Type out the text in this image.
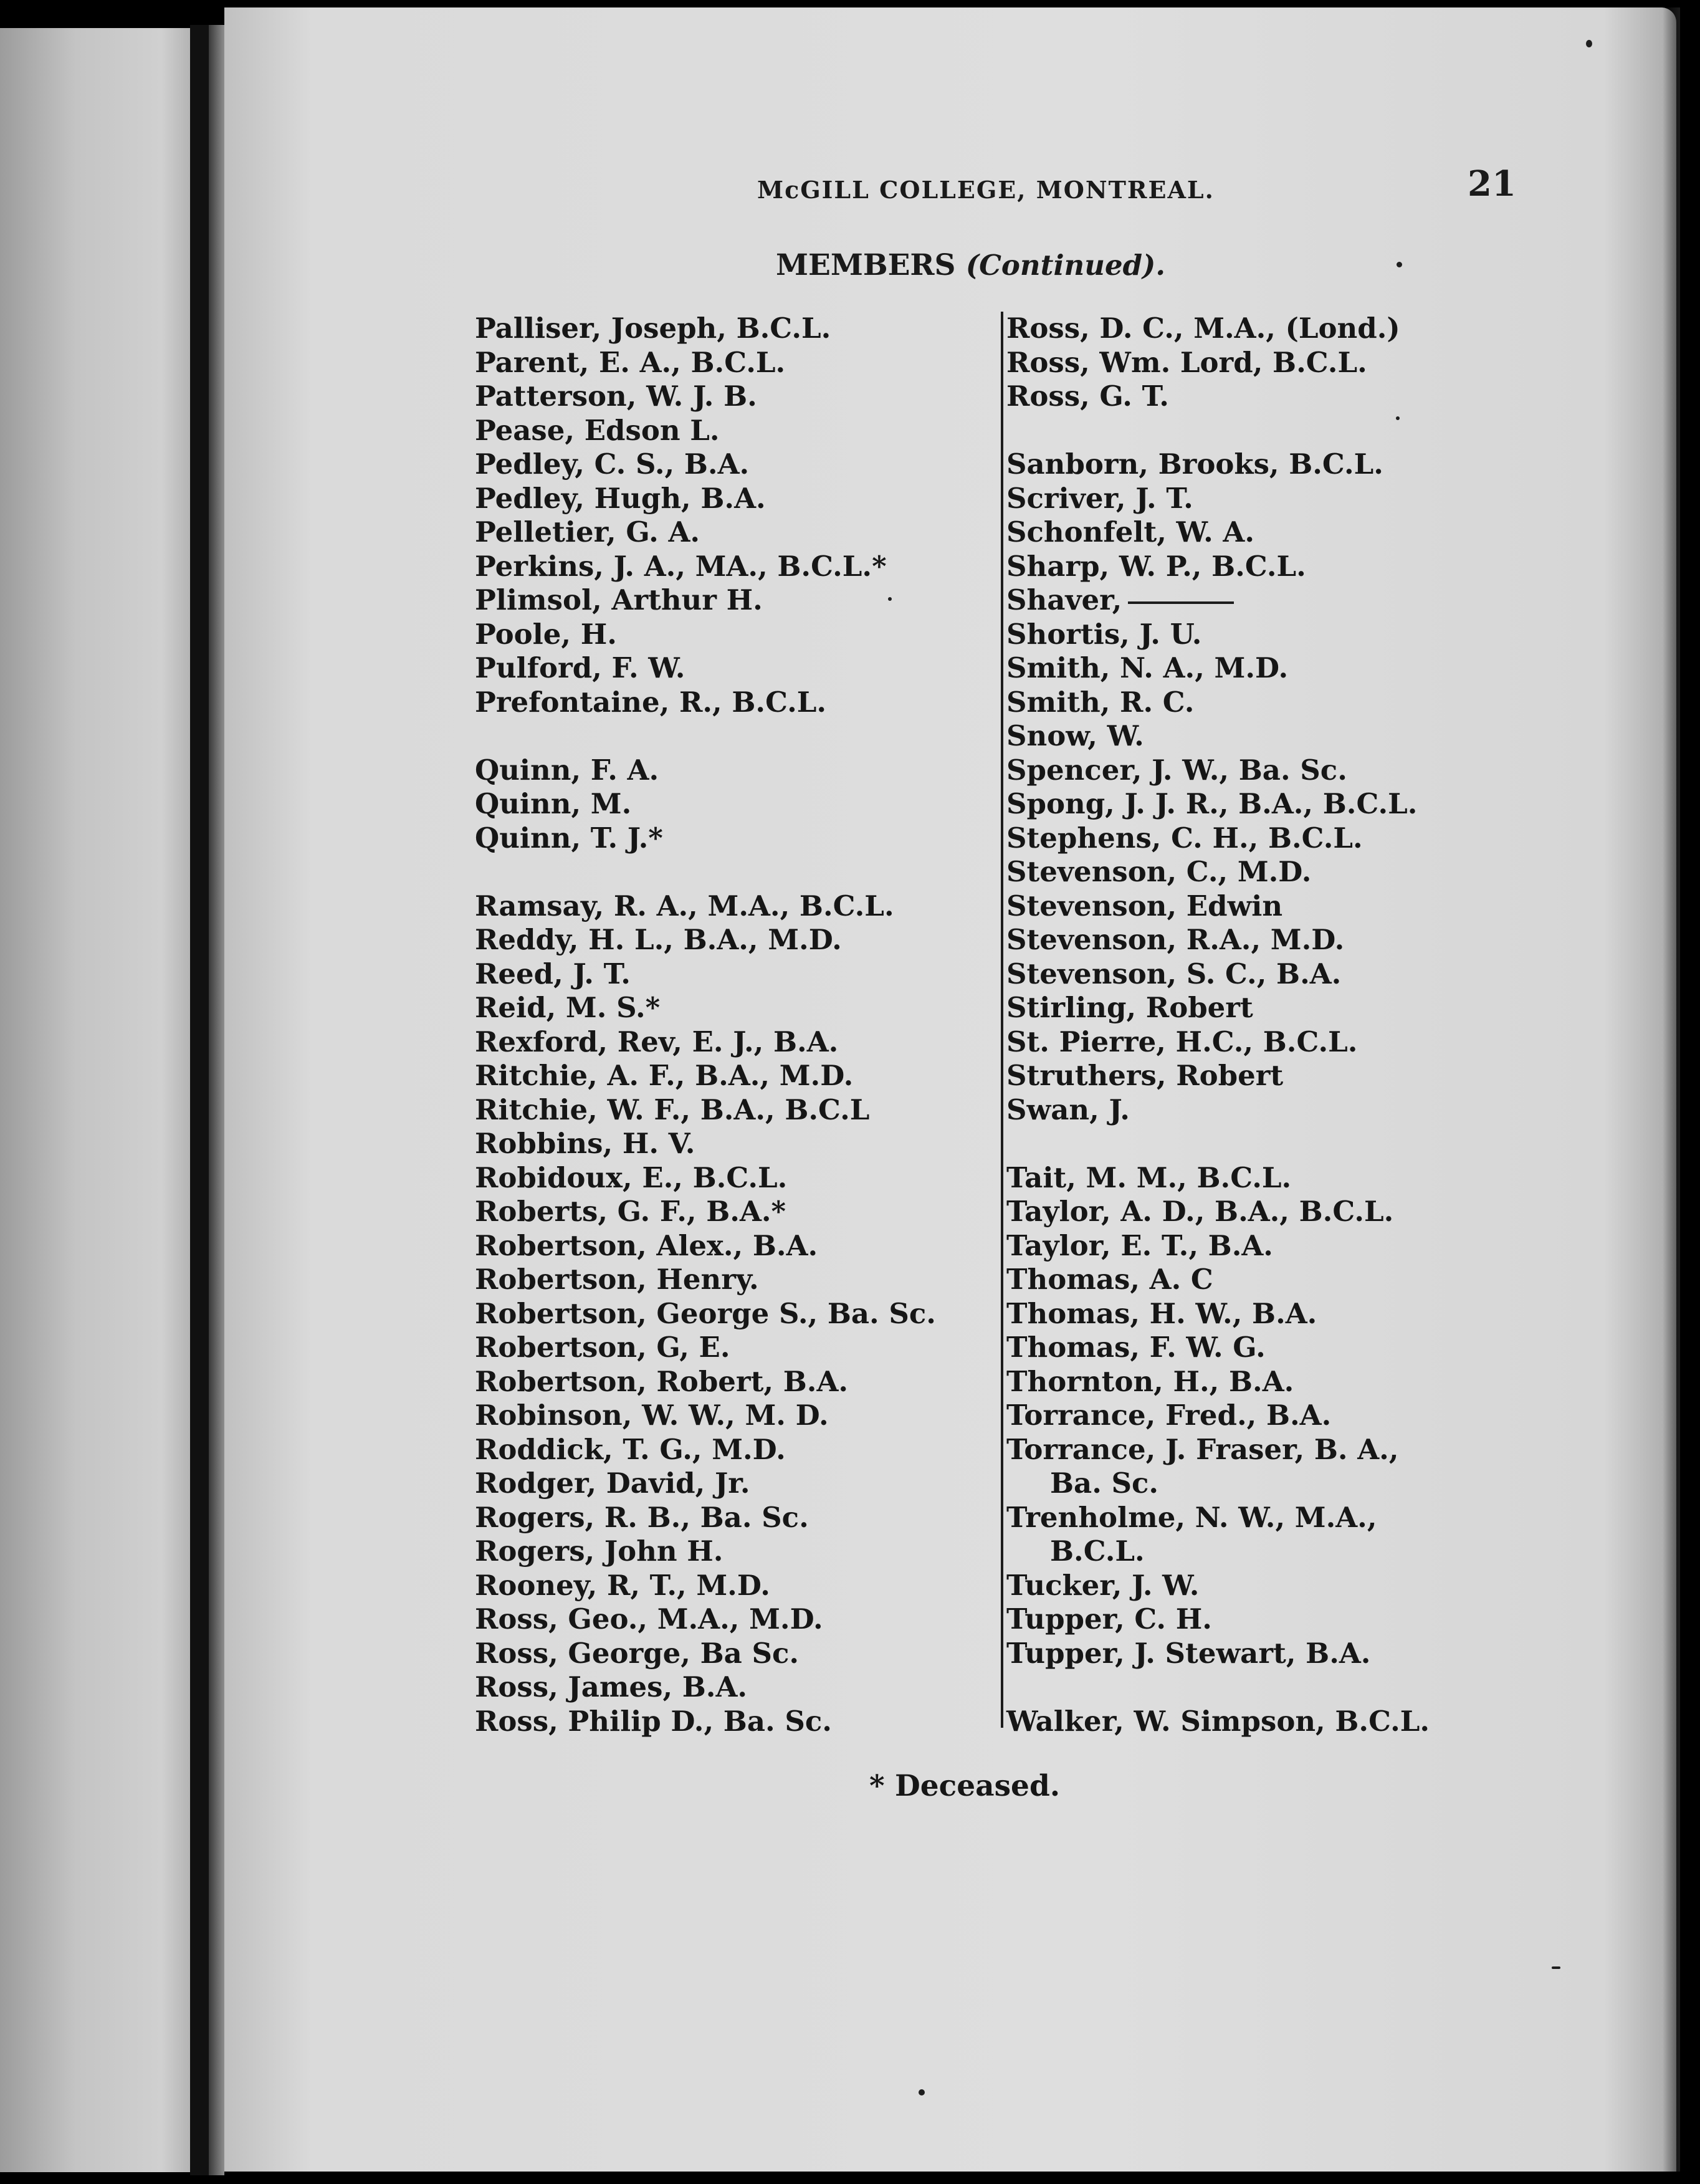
McGILL COLLEGE, MONTREAL.	21
MEMBERS (Continued).
Palliser, Joseph, B.C.L.
Parent, E. A., B.C.L.
Patterson, W. J. B.
Pease, Edson L.
Pedley, C. S., B.A.
Pedley, Hugh, B.A.
Pelletier, G. A.
Perkins, J. A., MA., B.C.L.*
Plimsol, Arthur H.
Poole, H.
Pulford, F. W.
Prefontaine, R., B.C.L.
Quinn, F. A.
Quinn, M.
Quinn, T. J.*
Ramsay, R. A., M.A., B.C.L.
Reddy, H. L., B.A., M.D.
Reed, J. T.
Reid, M. S.*
Rexford, Rev, E. J., B.A.
Ritchie, A. F., B.A., M.D.
Ritchie, W. F., B.A., B.C.L
Robbins, H. V.
Robidoux, E., B.C.L.
Roberts, G. F., B.A.*
Robertson, Alex., B.A.
Robertson, Henry.
Robertson, George S., Ba. Sc.
Robertson, G, E.
Robertson, Robert, B.A.
Robinson, W. W., M. D.
Roddick, T. G., M.D.
Rodger, David, Jr.
Rogers, R. B., Ba. Sc.
Rogers, John H.
Rooney, R, T., M.D.
Ross, Geo., M.A., M.D.
Ross, George, Ba Sc.
Ross, James, B.A.
Ross, Philip D., Ba. Sc.
Ross, D. C., M.A., (Lond.)
Ross, Wm. Lord, B.C.L.
Ross, G. T.
Sanborn, Brooks, B.C.L.
Scriver, J. T.
Schonfelt, W. A.
Sharp, W. P., B.C.L.
Shaver,
Shortis, J. U.
Smith, N. A., M.D.
Smith, R. C.
Snow, W.
Spencer, J. W., Ba. Sc.
Spong, J. J. R., B.A., B.C.L.
Stephens, C. H., B.C.L.
Stevenson, C., M.D.
Stevenson, Edwin
Stevenson, R.A., M.D.
Stevenson, S. C., B.A.
Stirling, Robert
St. Pierre, H.C., B.C.L.
Struthers, Robert
Swan, J.
Tait, M. M., B.C.L.
Taylor, A. D., B.A., B.C.L.
Taylor, E. T., B.A.
Thomas, A. C
Thomas, H. W., B.A.
Thomas, F. W. G.
Thornton, H., B.A.
Torrance, Fred., B.A.
Torrance, J. Fraser, B. A.,
Ba. Sc.
Trenholme, N. W., M.A.,
B.C.L.
Tucker, J. W.
Tupper, C. H.
Tupper, J. Stewart, B.A.
Walker, W. Simpson, B.C.L.
* Deceased.
